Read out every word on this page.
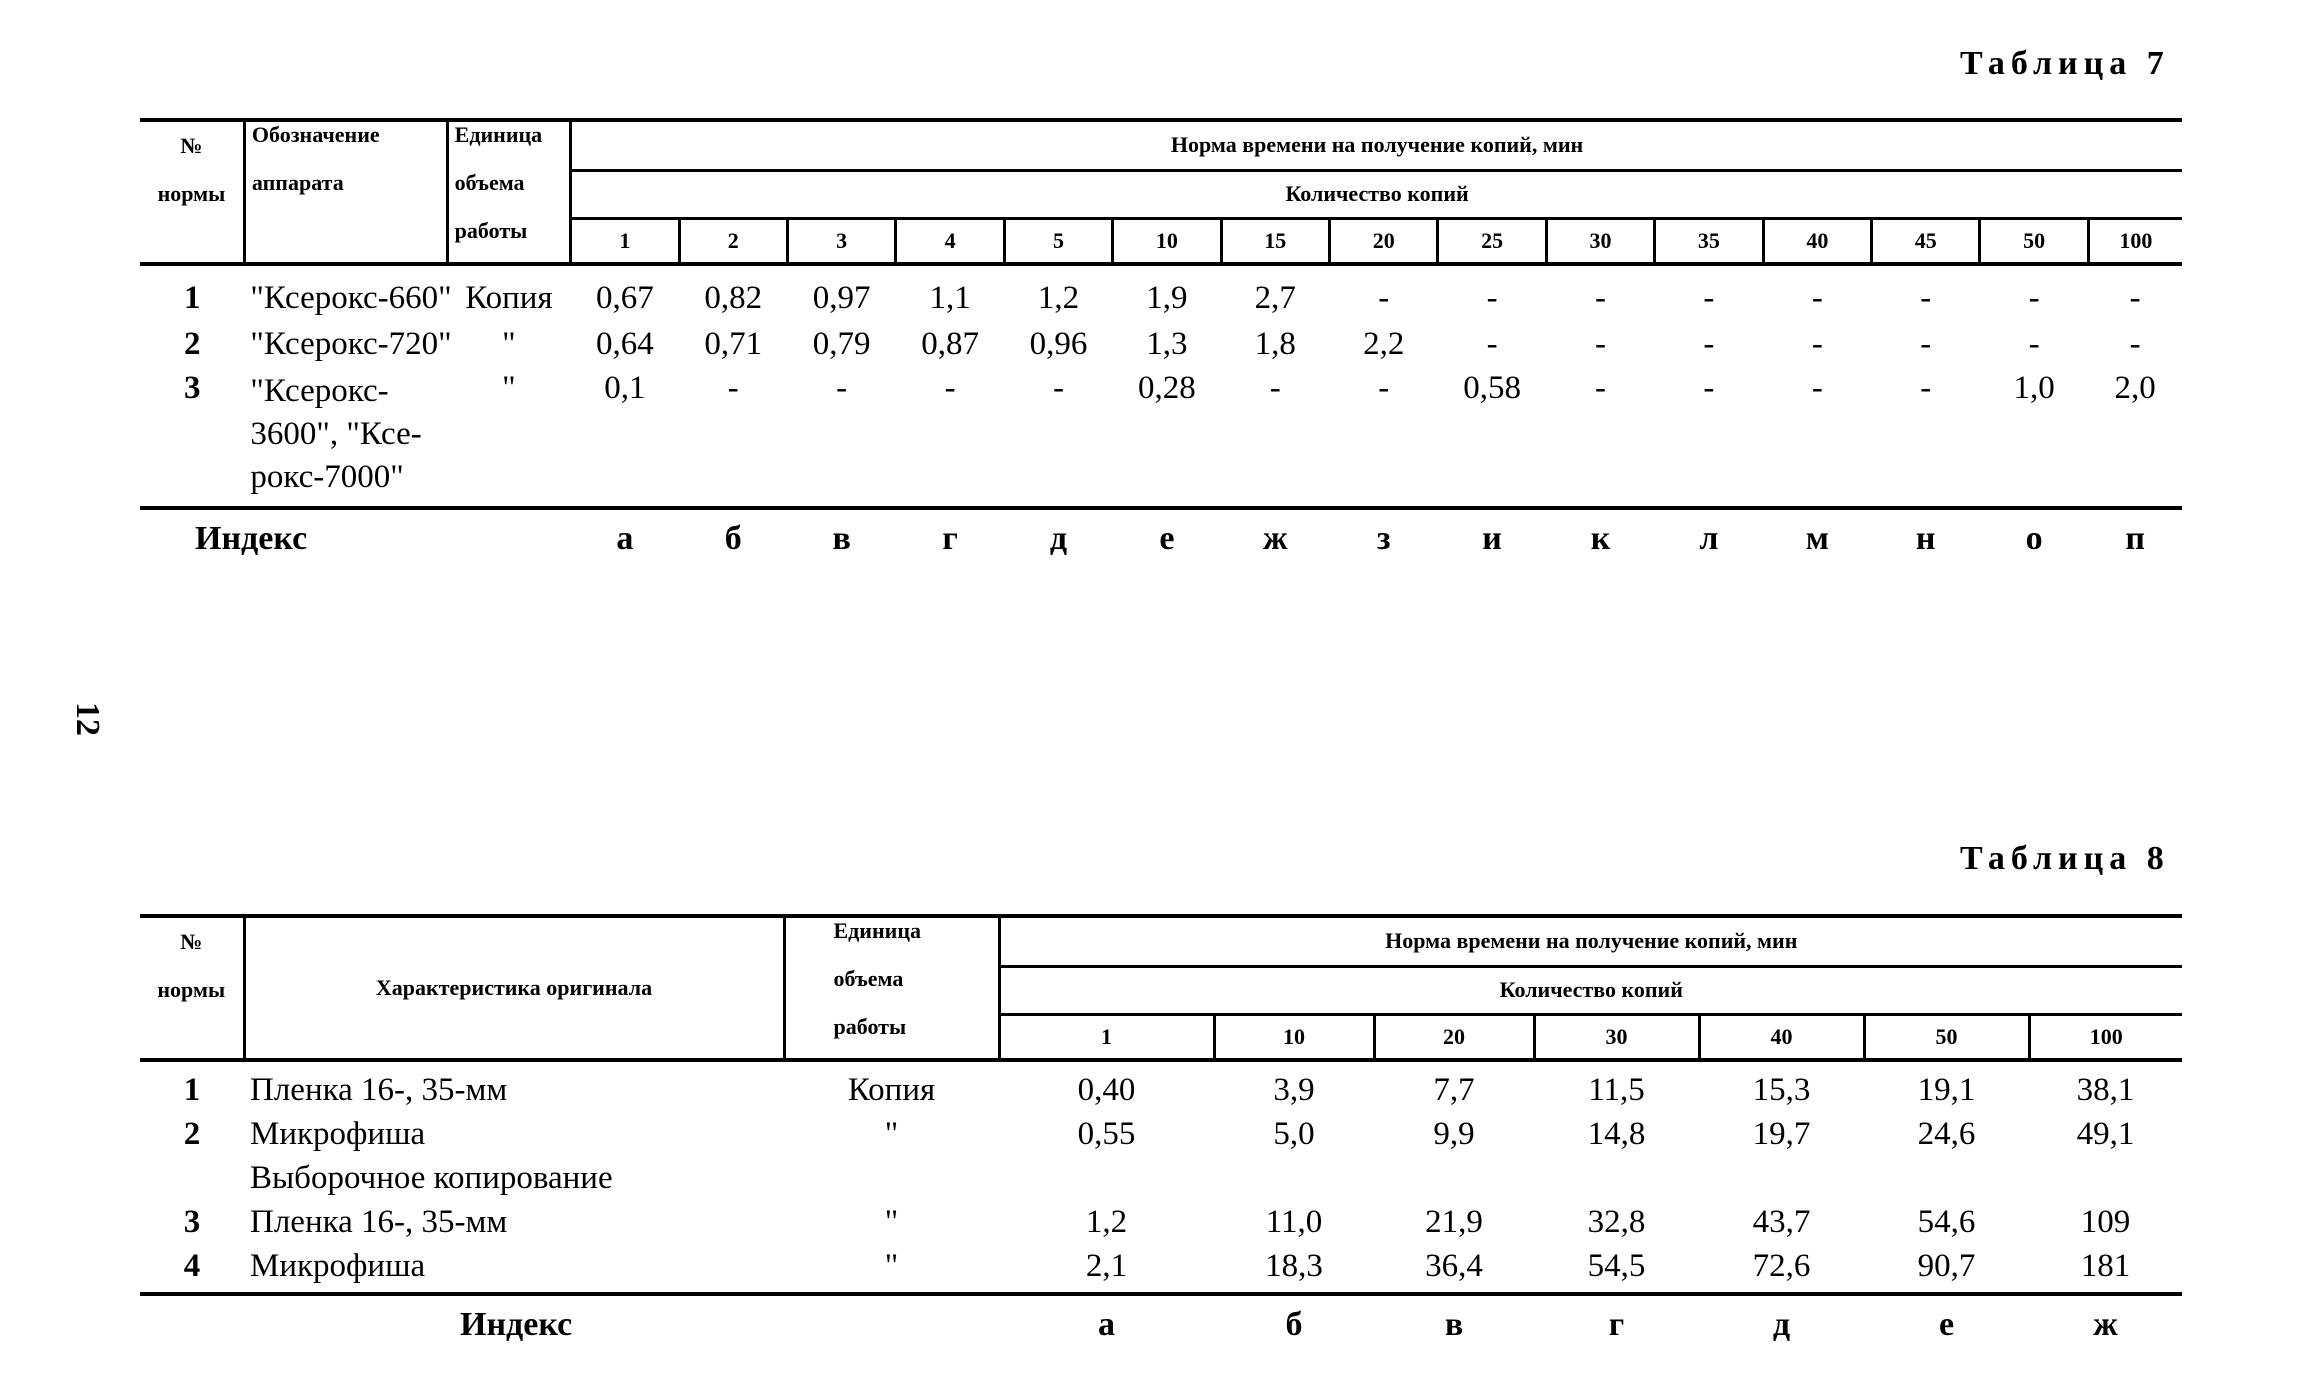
Таблица 7
№	Обозначение	Единица	Норма времени на получение копий, мин														
нормы	аппарата	объема	Количество копий														
		работы	1	2	3	4	5	10	15	20	25	30	35	40	45	50	100
1	"Ксерокс-660"	Копия	0,67	0,82	0,97	1,1	1,2	1,9	2,7	-	-	-	-	-	-	-	-
2	"Ксерокс-720"	"	0,64	0,71	0,79	0,87	0,96	1,3	1,8	2,2	-	-	-	-	-	-	-
3	"Ксерокс-
3600", "Ксе-
рокс-7000"	"	0,1	-	-	-	-	0,28	-	-	0,58	-	-	-	-	1,0	2,0
Индекс			а	б	в	г	д	е	ж	з	и	к	л	м	н	о	п
12
Таблица 8
№	Характеристика оригинала	Единица	Норма времени на получение копий, мин						
нормы		объема	Количество копий						
		работы	1	10	20	30	40	50	100
1	Пленка 16-, 35-мм	Копия	0,40	3,9	7,7	11,5	15,3	19,1	38,1
2	Микрофиша	"	0,55	5,0	9,9	14,8	19,7	24,6	49,1
	Выборочное копирование								
3	Пленка 16-, 35-мм	"	1,2	11,0	21,9	32,8	43,7	54,6	109
4	Микрофиша	"	2,1	18,3	36,4	54,5	72,6	90,7	181
Индекс			а	б	в	г	д	е	ж
